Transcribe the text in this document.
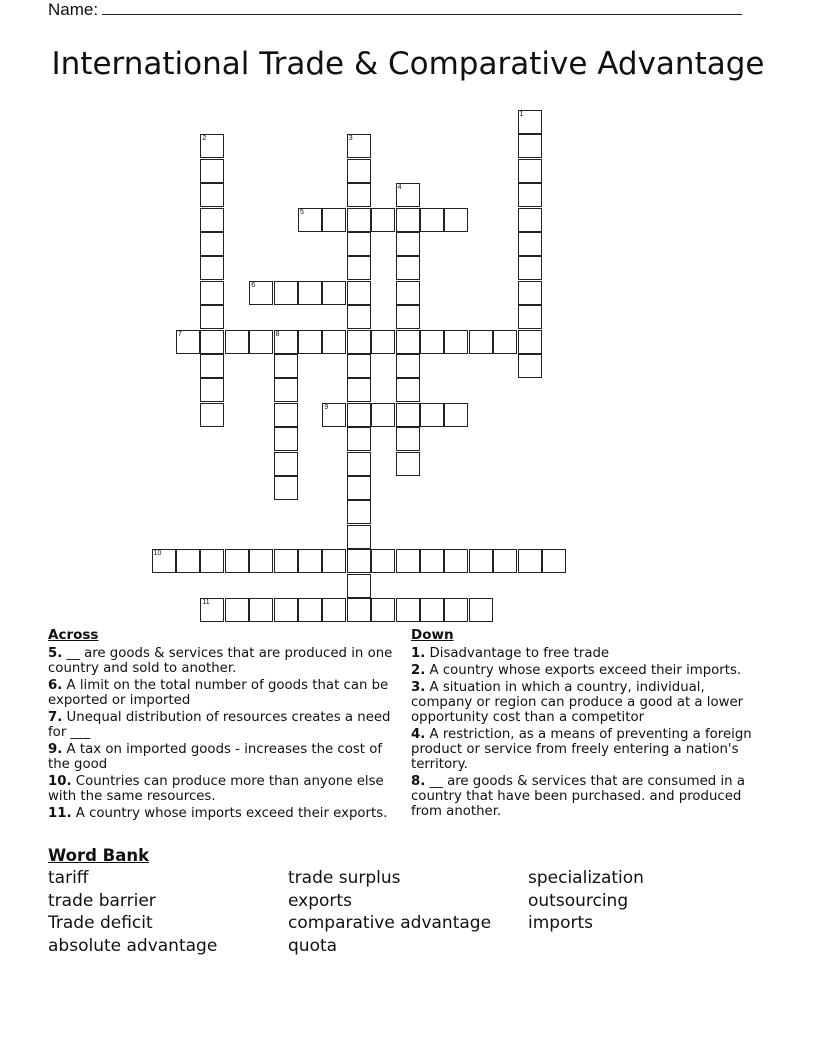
Name:
International Trade & Comparative Advantage
1
2	3
4
5
6
7	8
9
10
11
Across
5. __ are goods & services that are produced in one country and sold to another.
6. A limit on the total number of goods that can be exported or imported
7. Unequal distribution of resources creates a need for ___
9. A tax on imported goods - increases the cost of the good
10. Countries can produce more than anyone else with the same resources.
11. A country whose imports exceed their exports.
Down
1. Disadvantage to free trade
2. A country whose exports exceed their imports.
3. A situation in which a country, individual, company or region can produce a good at a lower opportunity cost than a competitor
4. A restriction, as a means of preventing a foreign product or service from freely entering a nation's territory.
8. __ are goods & services that are consumed in a country that have been purchased. and produced from another.
Word Bank
tariff
trade barrier
Trade deficit
absolute advantage
trade surplus
exports
comparative advantage
quota
specialization
outsourcing
imports
